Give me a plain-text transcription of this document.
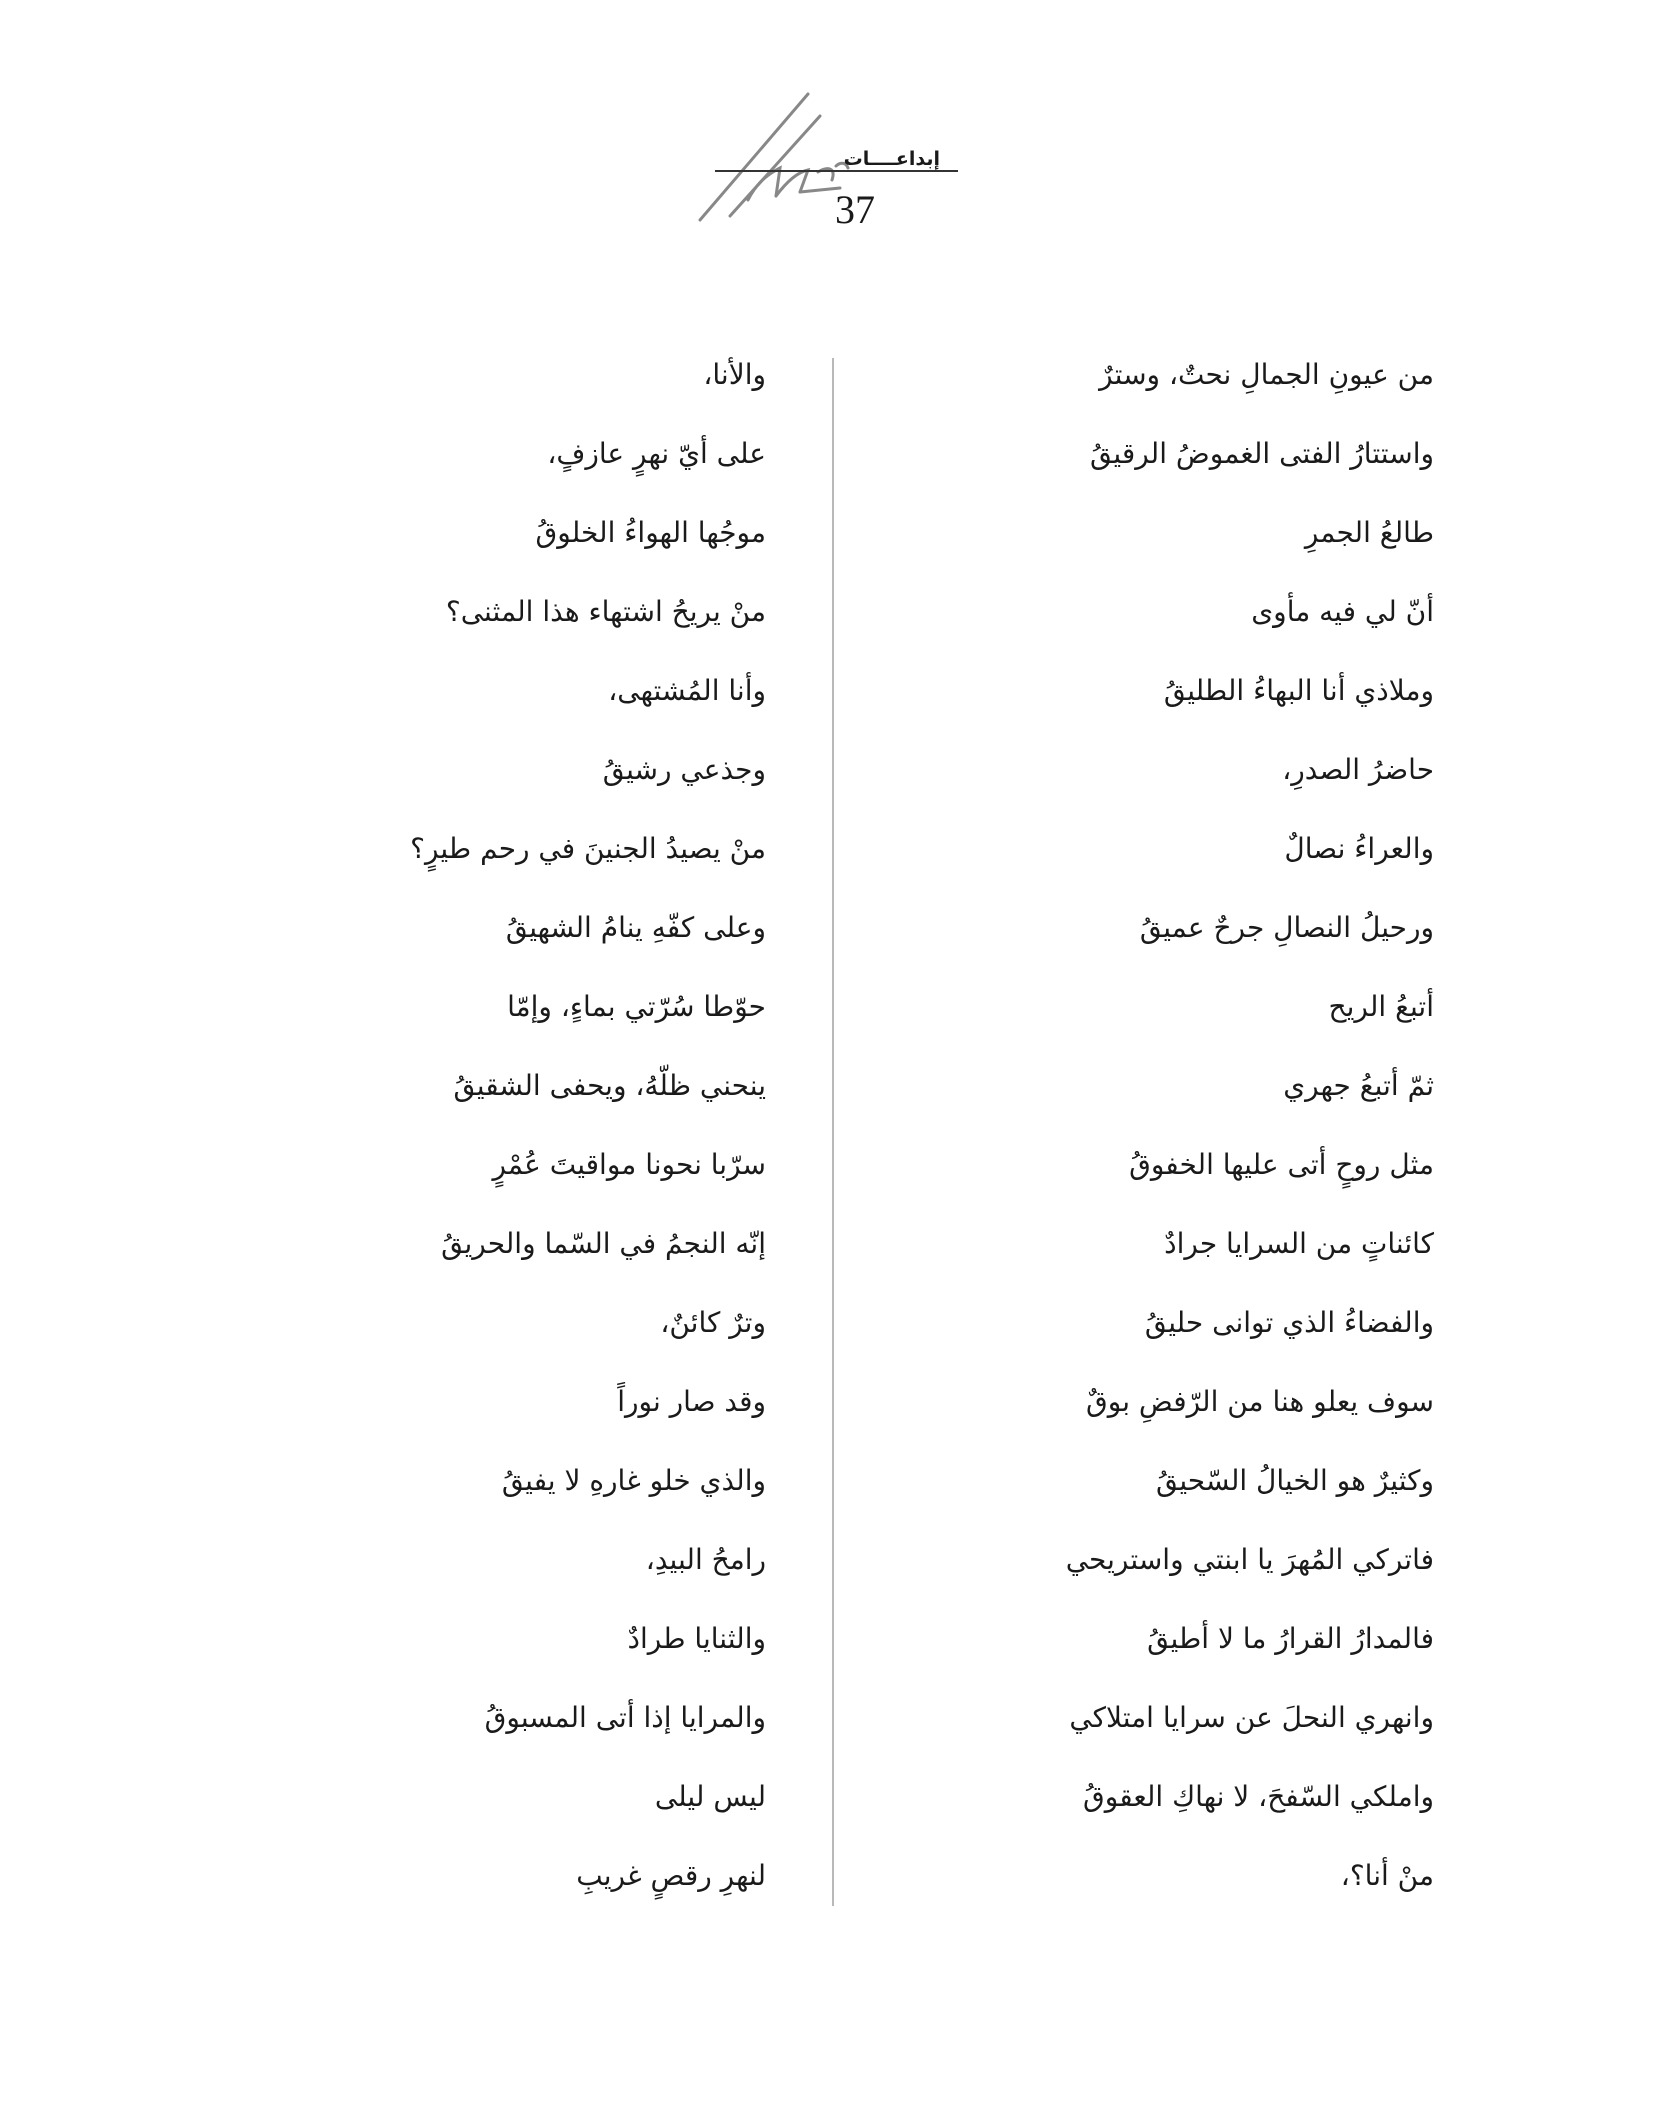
إبداعــــات
37
من عيونِ الجمالِ نحتٌ، وسترٌ
واستتارُ الفتى الغموضُ الرقيقُ
طالعُ الجمرِ
أنّ لي فيه مأوى
وملاذي أنا البهاءُ الطليقُ
حاضرُ الصدرِ،
والعراءُ نصالٌ
ورحيلُ النصالِ جرحٌ عميقُ
أتبعُ الريح
ثمّ أتبعُ جهري
مثل روحٍ أتى عليها الخفوقُ
كائناتٍ من السرايا جرادٌ
والفضاءُ الذي توانى حليقُ
سوف يعلو هنا من الرّفضِ بوقٌ
وكثيرٌ هو الخيالُ السّحيقُ
فاتركي المُهرَ يا ابنتي واستريحي
فالمدارُ القرارُ ما لا أطيقُ
وانهري النحلَ عن سرايا امتلاكي
واملكي السّفحَ، لا نهاكِ العقوقُ
منْ أنا؟،
والأنا،
على أيّ نهرٍ عازفٍ،
موجُها الهواءُ الخلوقُ
منْ يريحُ اشتهاء هذا المثنى؟
وأنا المُشتهى،
وجذعي رشيقُ
منْ يصيدُ الجنينَ في رحم طيرٍ؟
وعلى كفّهِ ينامُ الشهيقُ
حوّطا سُرّتي بماءٍ، وإمّا
ينحني ظلّهُ، ويحفى الشقيقُ
سرّبا نحونا مواقيتَ عُمْرٍ
إنّه النجمُ في السّما والحريقُ
وترٌ كائنٌ،
وقد صار نوراً
والذي خلو غارهِ لا يفيقُ
رامحُ البيدِ،
والثنايا طرادٌ
والمرايا إذا أتى المسبوقُ
ليس ليلى
لنهرِ رقصٍ غريبِ
